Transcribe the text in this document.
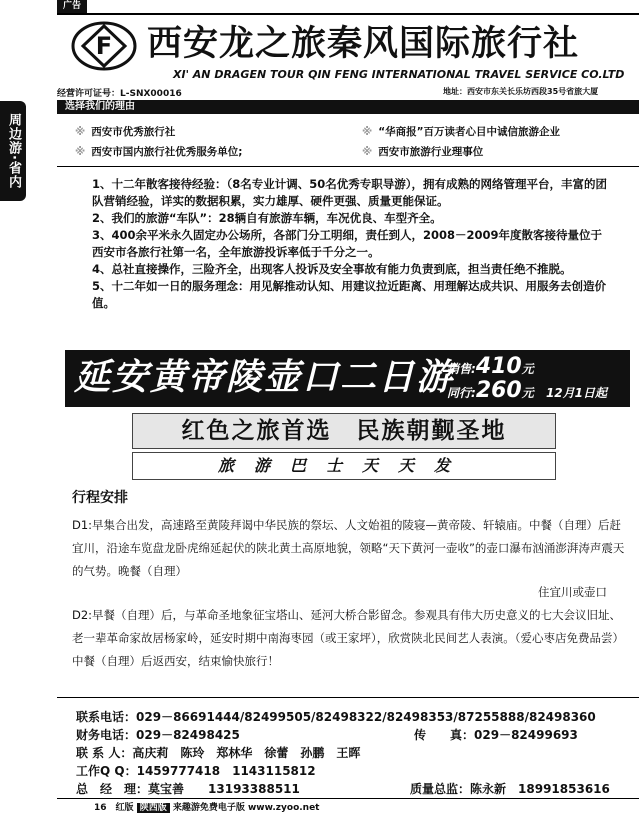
广告
周边游·省内
F 西安龙之旅秦风国际旅行社
XI' AN DRAGEN TOUR QIN FENG INTERNATIONAL TRAVEL SERVICE CO.LTD
经营许可证号：L-SNX00016	地址：西安市东关长乐坊西段35号省旅大厦
选择我们的理由
※ 西安市优秀旅行社
※ 西安市国内旅行社优秀服务单位;
※ “华商报”百万读者心目中诚信旅游企业
※ 西安市旅游行业理事位

1、十二年散客接待经验：（8名专业计调、50名优秀专职导游），拥有成熟的网络管理平台，丰富的团队营销经验，详实的数据积累，实力雄厚、硬件更强、质量更能保证。

2、我们的旅游“车队”：28辆自有旅游车辆，车况优良、车型齐全。

3、400余平米永久固定办公场所，各部门分工明细，责任到人，2008－2009年度散客接待量位于西安市各旅行社第一名，全年旅游投诉率低于千分之一。

4、总社直接操作，三险齐全，出现客人投诉及安全事故有能力负责到底，担当责任绝不推脱。

5、十二年如一日的服务理念：用见解推动认知、用建议拉近距离、用理解达成共识、用服务去创造价值。

延安黄帝陵壶口二日游
销售:410元
同行:260元 12月1日起
红色之旅首选　民族朝觐圣地
旅游巴士天天发
行程安排

D1:早集合出发，高速路至黄陵拜谒中华民族的祭坛、人文始祖的陵寝—黄帝陵、轩辕庙。中餐（自理）后赶宜川，沿途车览盘龙卧虎绵延起伏的陕北黄土高原地貌，领略“天下黄河一壶收”的壶口瀑布汹涌澎湃涛声震天的气势。晚餐（自理）

住宜川或壶口

D2:早餐（自理）后，与革命圣地象征宝塔山、延河大桥合影留念。参观具有伟大历史意义的七大会议旧址、老一辈革命家故居杨家岭，延安时期中南海枣园（或王家坪），欣赏陕北民间艺人表演。（爱心枣店免费品尝）中餐（自理）后返西安，结束愉快旅行！

联系电话：029－86691444/82499505/82498322/82498353/87255888/82498360
财务电话：029－82498425	传　　真：029－82499693
联 系 人：高庆莉　陈玲　郑林华　徐蕾　孙鹏　王晖
工作Q Q：1459777418　1143115812
总　经　理：莫宝善　　13193388511	质量总监：陈永新　18991853616
16　 红版 陕西版 来趣游免费电子版 www.zyoo.net
